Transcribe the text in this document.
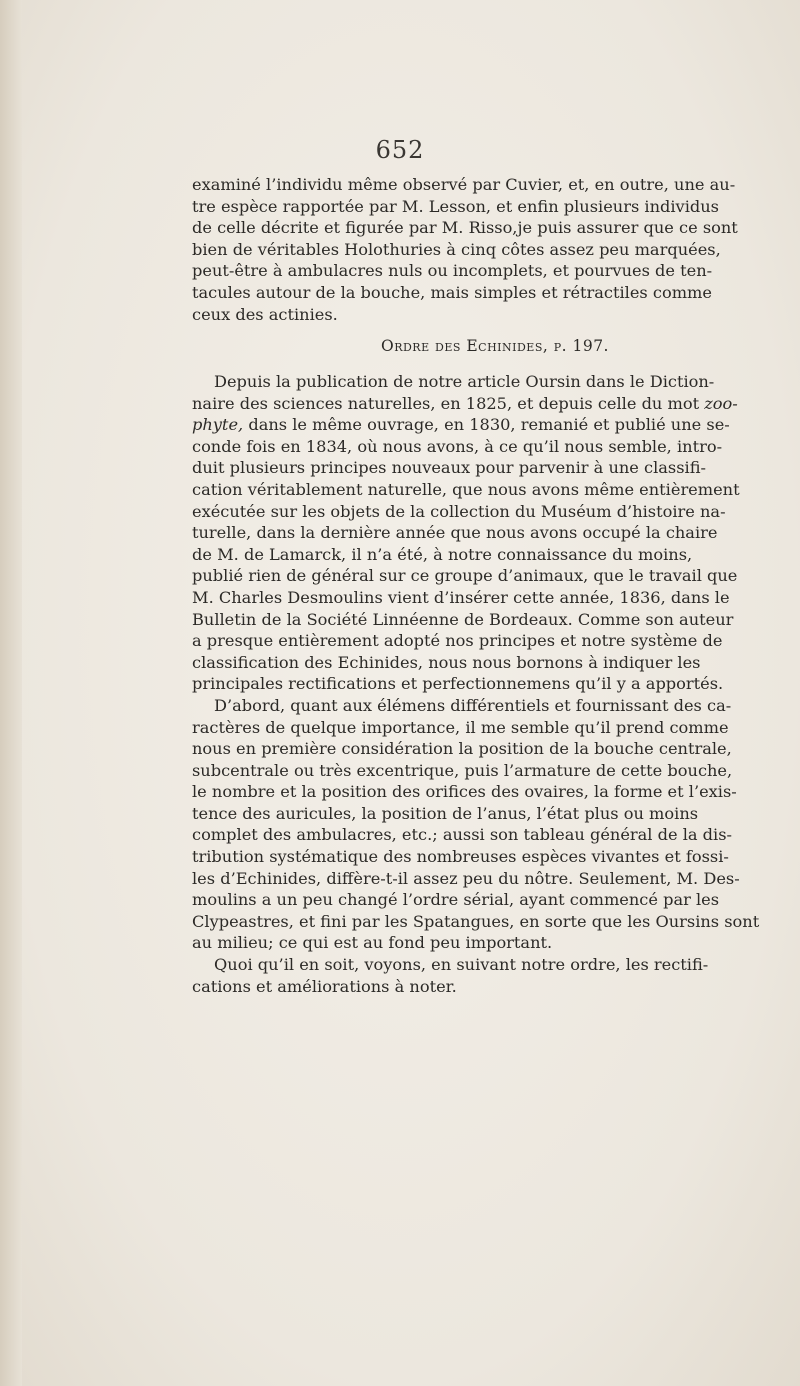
652
examiné l’individu même observé par Cuvier, et, en outre, une au-
tre espèce rapportée par M. Lesson, et enfin plusieurs individus
de celle décrite et figurée par M. Risso,je puis assurer que ce sont
bien de véritables Holothuries à cinq côtes assez peu marquées,
peut-être à ambulacres nuls ou incomplets, et pourvues de ten-
tacules autour de la bouche, mais simples et rétractiles comme
ceux des actinies.
Ordre des Echinides, p. 197.
Depuis la publication de notre article Oursin dans le Diction-
naire des sciences naturelles, en 1825, et depuis celle du mot zoo-
phyte, dans le même ouvrage, en 1830, remanié et publié une se-
conde fois en 1834, où nous avons, à ce qu’il nous semble, intro-
duit plusieurs principes nouveaux pour parvenir à une classifi-
cation véritablement naturelle, que nous avons même entièrement
exécutée sur les objets de la collection du Muséum d’histoire na-
turelle, dans la dernière année que nous avons occupé la chaire
de M. de Lamarck, il n’a été, à notre connaissance du moins,
publié rien de général sur ce groupe d’animaux, que le travail que
M. Charles Desmoulins vient d’insérer cette année, 1836, dans le
Bulletin de la Société Linnéenne de Bordeaux. Comme son auteur
a presque entièrement adopté nos principes et notre système de
classification des Echinides, nous nous bornons à indiquer les
principales rectifications et perfectionnemens qu’il y a apportés.
D’abord, quant aux élémens différentiels et fournissant des ca-
ractères de quelque importance, il me semble qu’il prend comme
nous en première considération la position de la bouche centrale,
subcentrale ou très excentrique, puis l’armature de cette bouche,
le nombre et la position des orifices des ovaires, la forme et l’exis-
tence des auricules, la position de l’anus, l’état plus ou moins
complet des ambulacres, etc.; aussi son tableau général de la dis-
tribution systématique des nombreuses espèces vivantes et fossi-
les d’Echinides, diffère-t-il assez peu du nôtre. Seulement, M. Des-
moulins a un peu changé l’ordre sérial, ayant commencé par les
Clypeastres, et fini par les Spatangues, en sorte que les Oursins sont
au milieu; ce qui est au fond peu important.
Quoi qu’il en soit, voyons, en suivant notre ordre, les rectifi-
cations et améliorations à noter.
